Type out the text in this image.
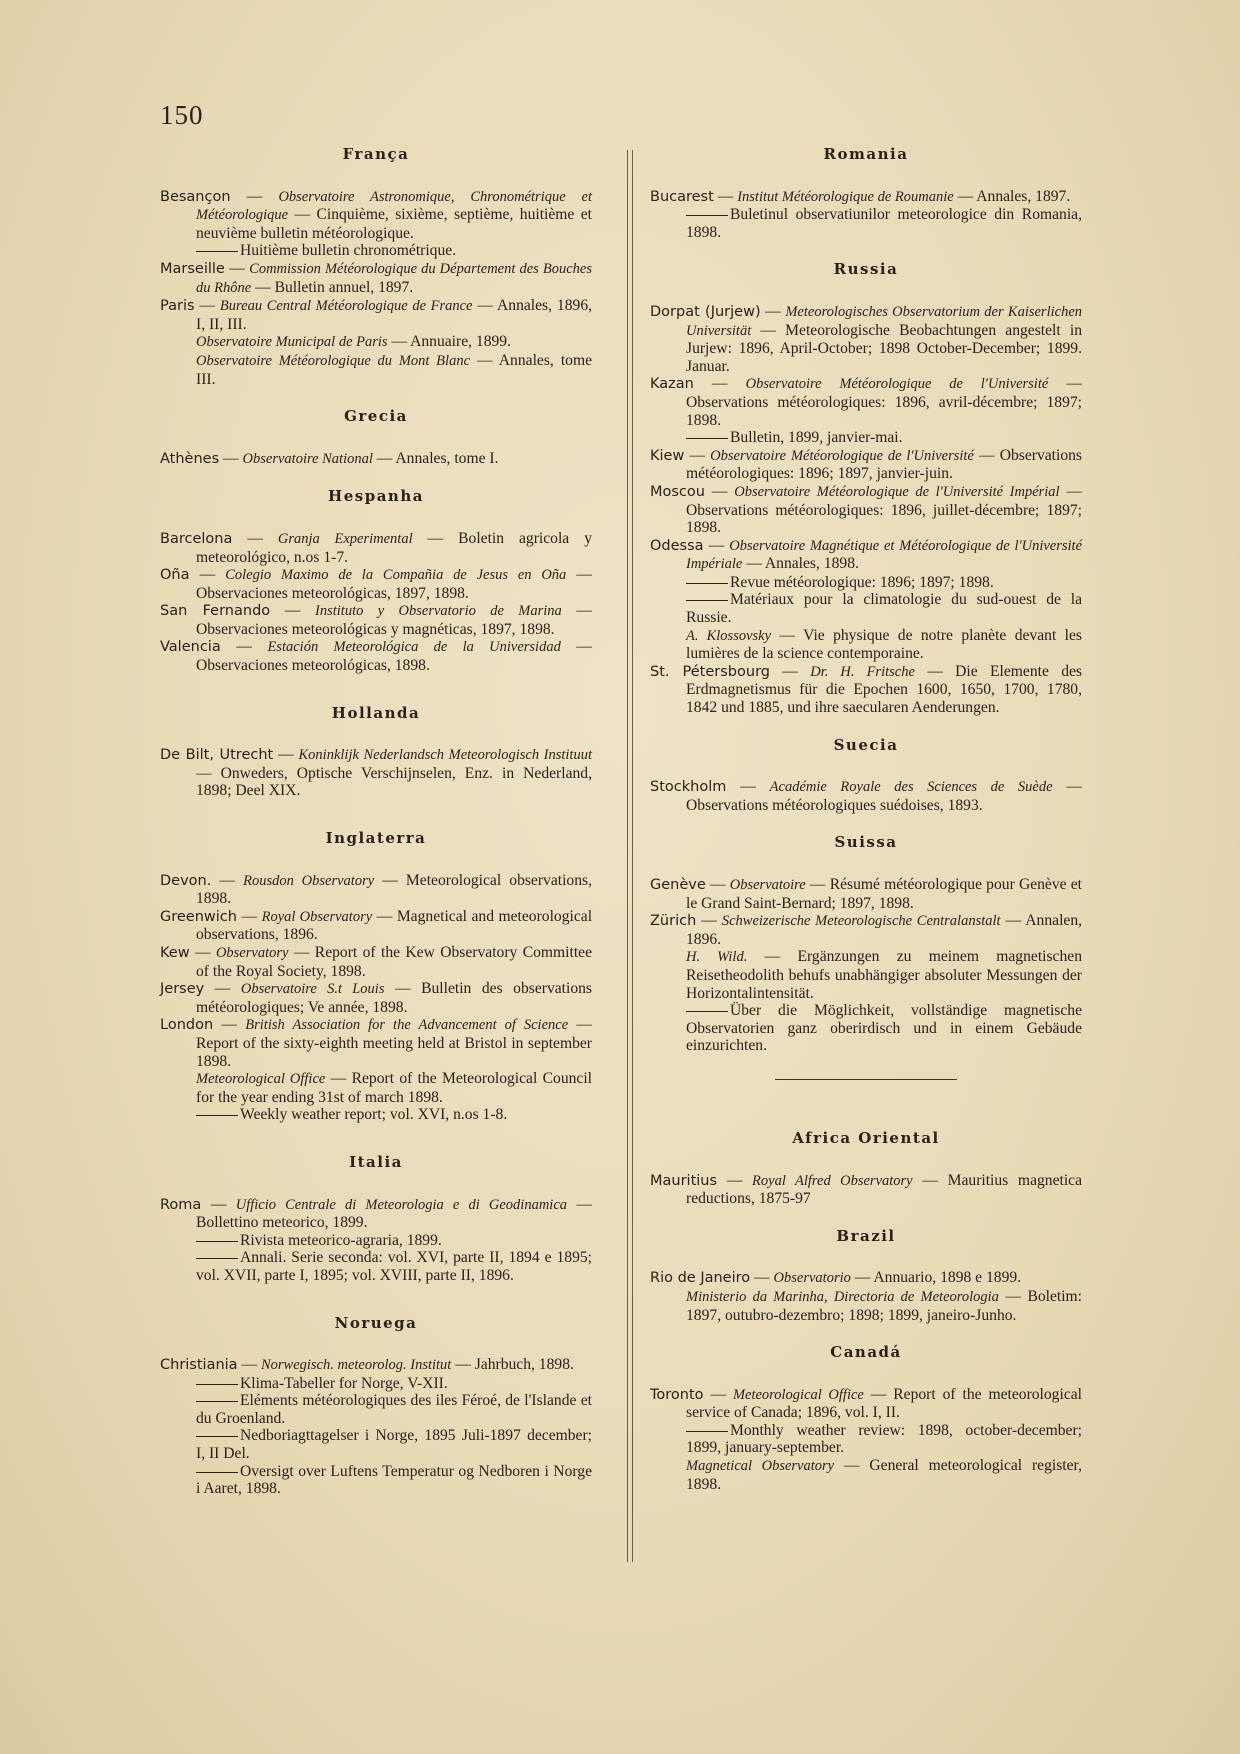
150
França

Besançon — Observatoire Astronomique, Chronométrique et Météorologique — Cinquième, sixième, septième, huitième et neuvième bulletin météorologique.

Huitième bulletin chronométrique.

Marseille — Commission Météorologique du Département des Bouches du Rhône — Bulletin annuel, 1897.

Paris — Bureau Central Météorologique de France — Annales, 1896, I, II, III.

Observatoire Municipal de Paris — Annuaire, 1899.

Observatoire Météorologique du Mont Blanc — Annales, tome III.

Grecia

Athènes — Observatoire National — Annales, tome I.

Hespanha

Barcelona — Granja Experimental — Boletin agricola y meteorológico, n.os 1-7.

Oña — Colegio Maximo de la Compañia de Jesus en Oña — Observaciones meteorológicas, 1897, 1898.

San Fernando — Instituto y Observatorio de Marina — Observaciones meteorológicas y magnéticas, 1897, 1898.

Valencia — Estación Meteorológica de la Universidad — Observaciones meteorológicas, 1898.

Hollanda

De Bilt, Utrecht — Koninklijk Nederlandsch Meteorologisch Instituut — Onweders, Optische Verschijnselen, Enz. in Nederland, 1898; Deel XIX.

Inglaterra

Devon. — Rousdon Observatory — Meteorological observations, 1898.

Greenwich — Royal Observatory — Magnetical and meteorological observations, 1896.

Kew — Observatory — Report of the Kew Observatory Committee of the Royal Society, 1898.

Jersey — Observatoire S.t Louis — Bulletin des observations météorologiques; Ve année, 1898.

London — British Association for the Advancement of Science — Report of the sixty-eighth meeting held at Bristol in september 1898.

Meteorological Office — Report of the Meteorological Council for the year ending 31st of march 1898.

Weekly weather report; vol. XVI, n.os 1-8.

Italia

Roma — Ufficio Centrale di Meteorologia e di Geodinamica — Bollettino meteorico, 1899.

Rivista meteorico-agraria, 1899.

Annali. Serie seconda: vol. XVI, parte II, 1894 e 1895; vol. XVII, parte I, 1895; vol. XVIII, parte II, 1896.

Noruega

Christiania — Norwegisch. meteorolog. Institut — Jahrbuch, 1898.

Klima-Tabeller for Norge, V-XII.

Eléments météorologiques des iles Féroé, de l'Islande et du Groenland.

Nedboriagttagelser i Norge, 1895 Juli-1897 december; I, II Del.

Oversigt over Luftens Temperatur og Nedboren i Norge i Aaret, 1898.

Romania

Bucarest — Institut Météorologique de Roumanie — Annales, 1897.

Buletinul observatiunilor meteorologice din Romania, 1898.

Russia

Dorpat (Jurjew) — Meteorologisches Observatorium der Kaiserlichen Universität — Meteorologische Beobachtungen angestelt in Jurjew: 1896, April-October; 1898 October-December; 1899. Januar.

Kazan — Observatoire Météorologique de l'Université — Observations météorologiques: 1896, avril-décembre; 1897; 1898.

Bulletin, 1899, janvier-mai.

Kiew — Observatoire Météorologique de l'Université — Observations météorologiques: 1896; 1897, janvier-juin.

Moscou — Observatoire Météorologique de l'Université Impérial — Observations météorologiques: 1896, juillet-décembre; 1897; 1898.

Odessa — Observatoire Magnétique et Météorologique de l'Université Impériale — Annales, 1898.

Revue météorologique: 1896; 1897; 1898.

Matériaux pour la climatologie du sud-ouest de la Russie.

A. Klossovsky — Vie physique de notre planète devant les lumières de la science contemporaine.

St. Pétersbourg — Dr. H. Fritsche — Die Elemente des Erdmagnetismus für die Epochen 1600, 1650, 1700, 1780, 1842 und 1885, und ihre saecularen Aenderungen.

Suecia

Stockholm — Académie Royale des Sciences de Suède — Observations météorologiques suédoises, 1893.

Suissa

Genève — Observatoire — Résumé météorologique pour Genève et le Grand Saint-Bernard; 1897, 1898.

Zürich — Schweizerische Meteorologische Centralanstalt — Annalen, 1896.

H. Wild. — Ergänzungen zu meinem magnetischen Reisetheodolith behufs unabhängiger absoluter Messungen der Horizontalintensität.

Über die Möglichkeit, vollständige magnetische Observatorien ganz oberirdisch und in einem Gebäude einzurichten.

Africa Oriental

Mauritius — Royal Alfred Observatory — Mauritius magnetica reductions, 1875-97

Brazil

Rio de Janeiro — Observatorio — Annuario, 1898 e 1899.

Ministerio da Marinha, Directoria de Meteorologia — Boletim: 1897, outubro-dezembro; 1898; 1899, janeiro-Junho.

Canadá

Toronto — Meteorological Office — Report of the meteorological service of Canada; 1896, vol. I, II.

Monthly weather review: 1898, october-december; 1899, january-september.

Magnetical Observatory — General meteorological register, 1898.
